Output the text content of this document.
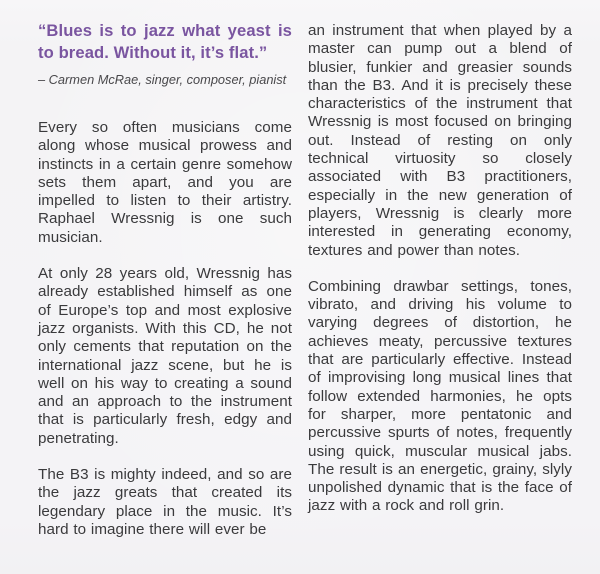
“Blues is to jazz what yeast is to bread. Without it, it’s flat.”

– Carmen McRae, singer, composer, pianist

Every so often musicians come along whose musical prowess and instincts in a certain genre somehow sets them apart, and you are impelled to listen to their artistry. Raphael Wressnig is one such musician.

At only 28 years old, Wressnig has already established himself as one of Europe’s top and most explosive jazz organists. With this CD, he not only cements that reputation on the international jazz scene, but he is well on his way to creating a sound and an approach to the instrument that is particularly fresh, edgy and penetrating.

The B3 is mighty indeed, and so are the jazz greats that created its legendary place in the music. It’s hard to imagine there will ever be

an instrument that when played by a master can pump out a blend of blusier, funkier and greasier sounds than the B3. And it is precisely these characteristics of the instrument that Wressnig is most focused on bringing out. Instead of resting on only technical virtuosity so closely associated with B3 practitioners, especially in the new generation of players, Wressnig is clearly more interested in generating economy, textures and power than notes.

Combining drawbar settings, tones, vibrato, and driving his volume to varying degrees of distortion, he achieves meaty, percussive textures that are particularly effective. Instead of improvising long musical lines that follow extended harmonies, he opts for sharper, more pentatonic and percussive spurts of notes, frequently using quick, muscular musical jabs. The result is an energetic, grainy, slyly unpolished dynamic that is the face of jazz with a rock and roll grin.
